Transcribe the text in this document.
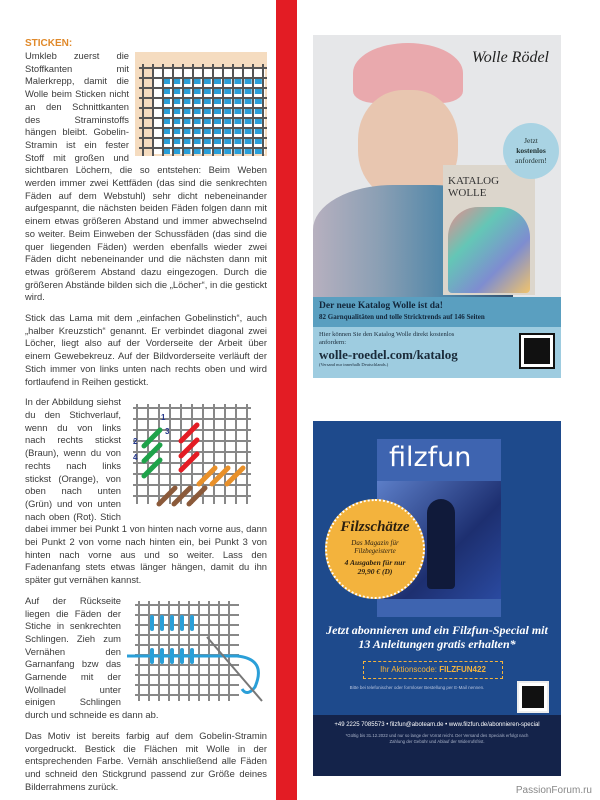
STICKEN:
Umkleb zuerst die Stoffkanten mit Malerkrepp, damit die Wolle beim Sticken nicht an den Schnittkanten des Straminstoffs hängen bleibt. Gobelin-Stramin ist ein fester Stoff mit großen und sichtbaren Löchern, die so entstehen: Beim Weben werden immer zwei Kettfäden (das sind die senkrechten Fäden auf dem Webstuhl) sehr dicht nebeneinander aufgespannt, die nächsten beiden Fäden folgen dann mit einem etwas größeren Abstand und immer abwechselnd so weiter. Beim Einweben der Schussfäden (das sind die quer liegenden Fäden) werden ebenfalls wieder zwei Fäden dicht nebeneinander und die nächsten dann mit etwas größerem Abstand dazu eingezogen. Durch die größeren Abstände bilden sich die „Löcher“, in die gestickt wird.

Stick das Lama mit dem „einfachen Gobelinstich“, auch „halber Kreuzstich“ genannt. Er verbindet diagonal zwei Löcher, liegt also auf der Vorderseite der Arbeit über einem Gewebekreuz. Auf der Bildvorderseite verläuft der Stich immer von links unten nach rechts oben und wird fortlaufend in Reihen gestickt.

1
2
3
4
In der Abbildung siehst du den Stichverlauf, wenn du von links nach rechts stickst (Braun), wenn du von rechts nach links stickst (Orange), von oben nach unten (Grün) und von unten nach oben (Rot). Stich dabei immer bei Punkt 1 von hinten nach vorne aus, dann bei Punkt 2 von vorne nach hinten ein, bei Punkt 3 von hinten nach vorne aus und so weiter. Lass den Fadenanfang stets etwas länger hängen, damit du ihn später gut vernähen kannst.

Auf der Rückseite liegen die Fäden der Stiche in senkrechten Schlingen. Zieh zum Vernähen den Garnanfang bzw das Garnende mit der Wollnadel unter einigen Schlingen durch und schneide es dann ab.

Das Motiv ist bereits farbig auf dem Gobelin-Stramin vorgedruckt. Bestick die Flächen mit Wolle in der entsprechenden Farbe. Vernäh anschließend alle Fäden und schneid den Stickgrund passend zur Größe deines Bilderrahmens zurück.

Wolle Rödel
KATALOG
WOLLE
Jetzt
kostenlos
anfordern!
Der neue Katalog Wolle ist da!
82 Garnqualitäten und tolle Stricktrends auf 146 Seiten
Hier können Sie den Katalog Wolle direkt kostenlos anfordern:
wolle-roedel.com/katalog
(Versand nur innerhalb Deutschlands.)
filzfun
Filzschätze
Das Magazin für Filzbegeisterte
4 Ausgaben für nur 29,90 € (D)
Jetzt abonnieren und ein Filzfun-Special mit 13 Anleitungen gratis erhalten*
Ihr Aktionscode: FILZFUN422
Bitte bei telefonischer oder formloser Bestellung per E-Mail nennen.
+49 2225 7085573 • filzfun@aboteam.de • www.filzfun.de/abonnieren-special
*Gültig bis 31.12.2022 und nur so lange der Vorrat reicht. Der Versand des Specials erfolgt nach Zahlung der Gebühr und Ablauf der Widerrufsfrist.
PassionForum.ru
